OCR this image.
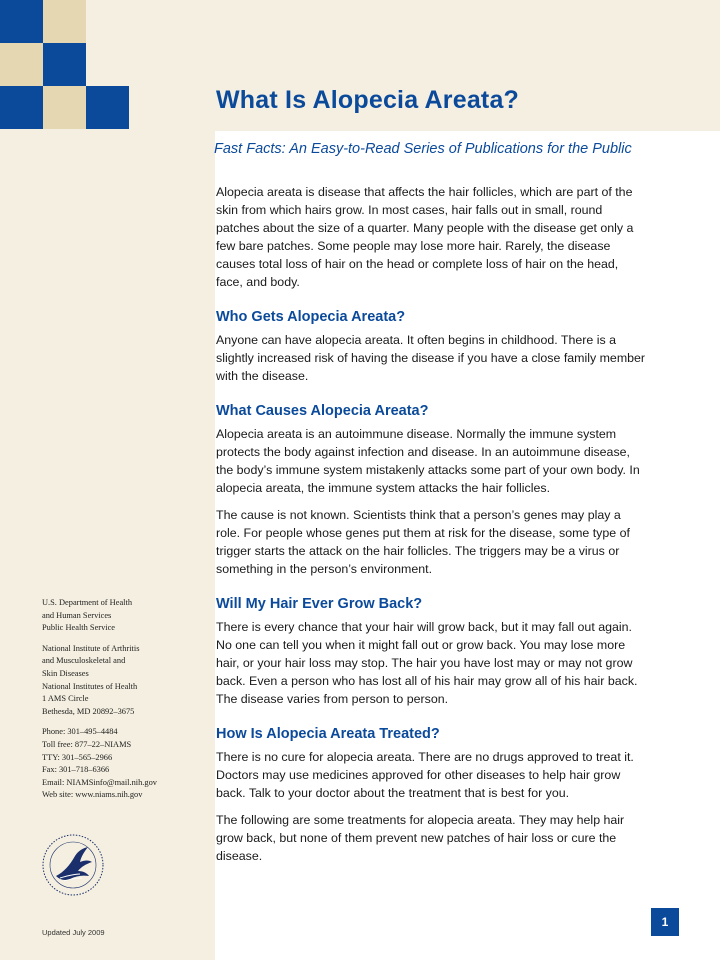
What Is Alopecia Areata?
Fast Facts: An Easy-to-Read Series of Publications for the Public

Alopecia areata is disease that affects the hair follicles, which are part of the skin from which hairs grow. In most cases, hair falls out in small, round patches about the size of a quarter. Many people with the disease get only a few bare patches. Some people may lose more hair. Rarely, the disease causes total loss of hair on the head or complete loss of hair on the head, face, and body.

Who Gets Alopecia Areata?

Anyone can have alopecia areata. It often begins in childhood. There is a slightly increased risk of having the disease if you have a close family member with the disease.

What Causes Alopecia Areata?

Alopecia areata is an autoimmune disease. Normally the immune system protects the body against infection and disease. In an autoimmune disease, the body’s immune system mistakenly attacks some part of your own body. In alopecia areata, the immune system attacks the hair follicles.

The cause is not known. Scientists think that a person’s genes may play a role. For people whose genes put them at risk for the disease, some type of trigger starts the attack on the hair follicles. The triggers may be a virus or something in the person’s environment.

Will My Hair Ever Grow Back?

There is every chance that your hair will grow back, but it may fall out again. No one can tell you when it might fall out or grow back. You may lose more hair, or your hair loss may stop. The hair you have lost may or may not grow back. Even a person who has lost all of his hair may grow all of his hair back. The disease varies from person to person.

How Is Alopecia Areata Treated?

There is no cure for alopecia areata. There are no drugs approved to treat it. Doctors may use medicines approved for other diseases to help hair grow back. Talk to your doctor about the treatment that is best for you.

The following are some treatments for alopecia areata. They may help hair grow back, but none of them prevent new patches of hair loss or cure the disease.

U.S. Department of Health
and Human Services
Public Health Service
National Institute of Arthritis
and Musculoskeletal and
Skin Diseases
National Institutes of Health
1 AMS Circle
Bethesda, MD 20892–3675
Phone: 301–495–4484
Toll free: 877–22–NIAMS
TTY: 301–565–2966
Fax: 301–718–6366
Email: NIAMSinfo@mail.nih.gov
Web site: www.niams.nih.gov
Updated July 2009
1
